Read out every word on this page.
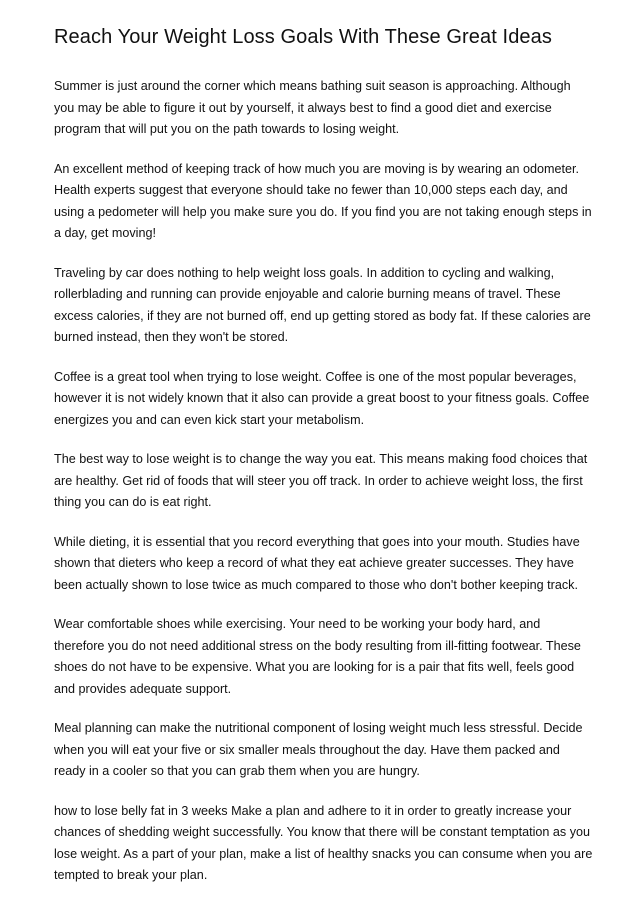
Reach Your Weight Loss Goals With These Great Ideas

Summer is just around the corner which means bathing suit season is approaching. Although you may be able to figure it out by yourself, it always best to find a good diet and exercise program that will put you on the path towards to losing weight.

An excellent method of keeping track of how much you are moving is by wearing an odometer. Health experts suggest that everyone should take no fewer than 10,000 steps each day, and using a pedometer will help you make sure you do. If you find you are not taking enough steps in a day, get moving!

Traveling by car does nothing to help weight loss goals. In addition to cycling and walking, rollerblading and running can provide enjoyable and calorie burning means of travel. These excess calories, if they are not burned off, end up getting stored as body fat. If these calories are burned instead, then they won't be stored.

Coffee is a great tool when trying to lose weight. Coffee is one of the most popular beverages, however it is not widely known that it also can provide a great boost to your fitness goals. Coffee energizes you and can even kick start your metabolism.

The best way to lose weight is to change the way you eat. This means making food choices that are healthy. Get rid of foods that will steer you off track. In order to achieve weight loss, the first thing you can do is eat right.

While dieting, it is essential that you record everything that goes into your mouth. Studies have shown that dieters who keep a record of what they eat achieve greater successes. They have been actually shown to lose twice as much compared to those who don't bother keeping track.

Wear comfortable shoes while exercising. Your need to be working your body hard, and therefore you do not need additional stress on the body resulting from ill-fitting footwear. These shoes do not have to be expensive. What you are looking for is a pair that fits well, feels good and provides adequate support.

Meal planning can make the nutritional component of losing weight much less stressful. Decide when you will eat your five or six smaller meals throughout the day. Have them packed and ready in a cooler so that you can grab them when you are hungry.

how to lose belly fat in 3 weeks Make a plan and adhere to it in order to greatly increase your chances of shedding weight successfully. You know that there will be constant temptation as you lose weight. As a part of your plan, make a list of healthy snacks you can consume when you are tempted to break your plan.
